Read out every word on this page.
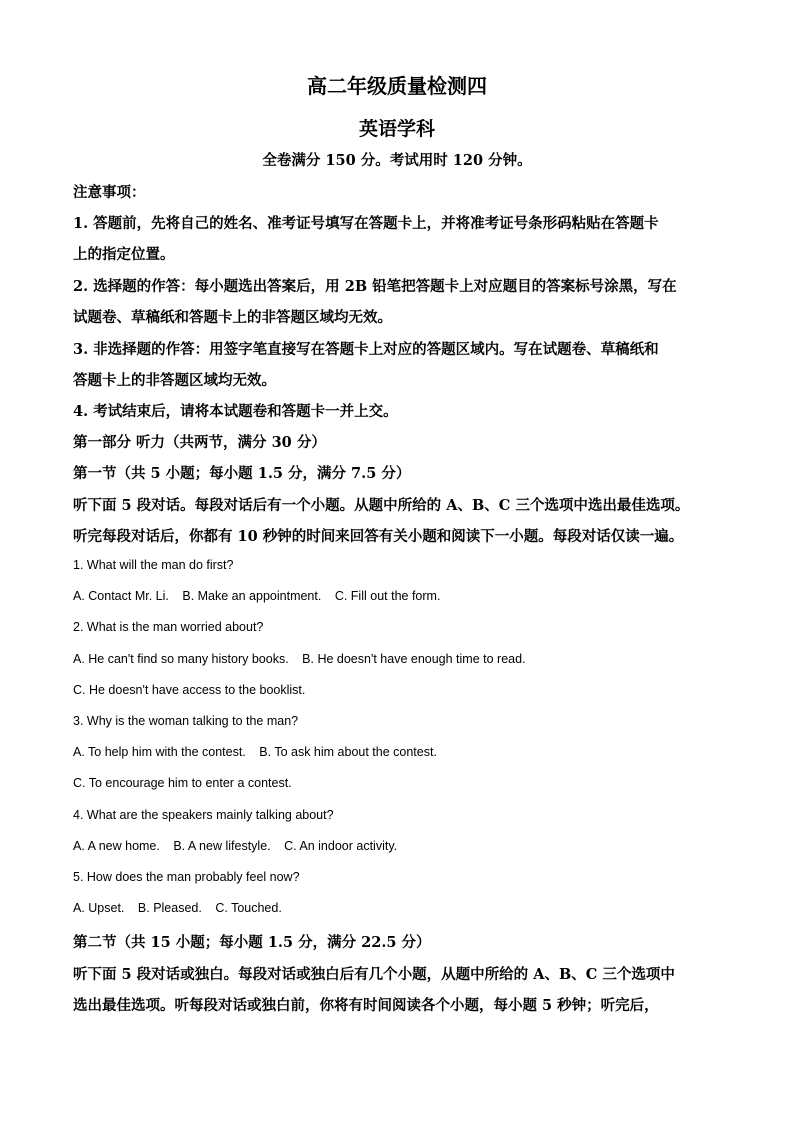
高二年级质量检测四
英语学科
全卷满分 150 分。考试用时 120 分钟。
注意事项：
1. 答题前，先将自己的姓名、准考证号填写在答题卡上，并将准考证号条形码粘贴在答题卡
上的指定位置。
2. 选择题的作答：每小题选出答案后，用 2B 铅笔把答题卡上对应题目的答案标号涂黑，写在
试题卷、草稿纸和答题卡上的非答题区域均无效。
3. 非选择题的作答：用签字笔直接写在答题卡上对应的答题区域内。写在试题卷、草稿纸和
答题卡上的非答题区域均无效。
4. 考试结束后，请将本试题卷和答题卡一并上交。
第一部分 听力（共两节，满分 30 分）
第一节（共 5 小题；每小题 1.5 分，满分 7.5 分）
听下面 5 段对话。每段对话后有一个小题。从题中所给的 A、B、C 三个选项中选出最佳选项。
听完每段对话后，你都有 10 秒钟的时间来回答有关小题和阅读下一小题。每段对话仅读一遍。
1. What will the man do first?
A. Contact Mr. Li. B. Make an appointment. C. Fill out the form.
2. What is the man worried about?
A. He can't find so many history books. B. He doesn't have enough time to read.
C. He doesn't have access to the booklist.
3. Why is the woman talking to the man?
A. To help him with the contest. B. To ask him about the contest.
C. To encourage him to enter a contest.
4. What are the speakers mainly talking about?
A. A new home. B. A new lifestyle. C. An indoor activity.
5. How does the man probably feel now?
A. Upset. B. Pleased. C. Touched.
第二节（共 15 小题；每小题 1.5 分，满分 22.5 分）
听下面 5 段对话或独白。每段对话或独白后有几个小题，从题中所给的 A、B、C 三个选项中
选出最佳选项。听每段对话或独白前，你将有时间阅读各个小题，每小题 5 秒钟；听完后，
